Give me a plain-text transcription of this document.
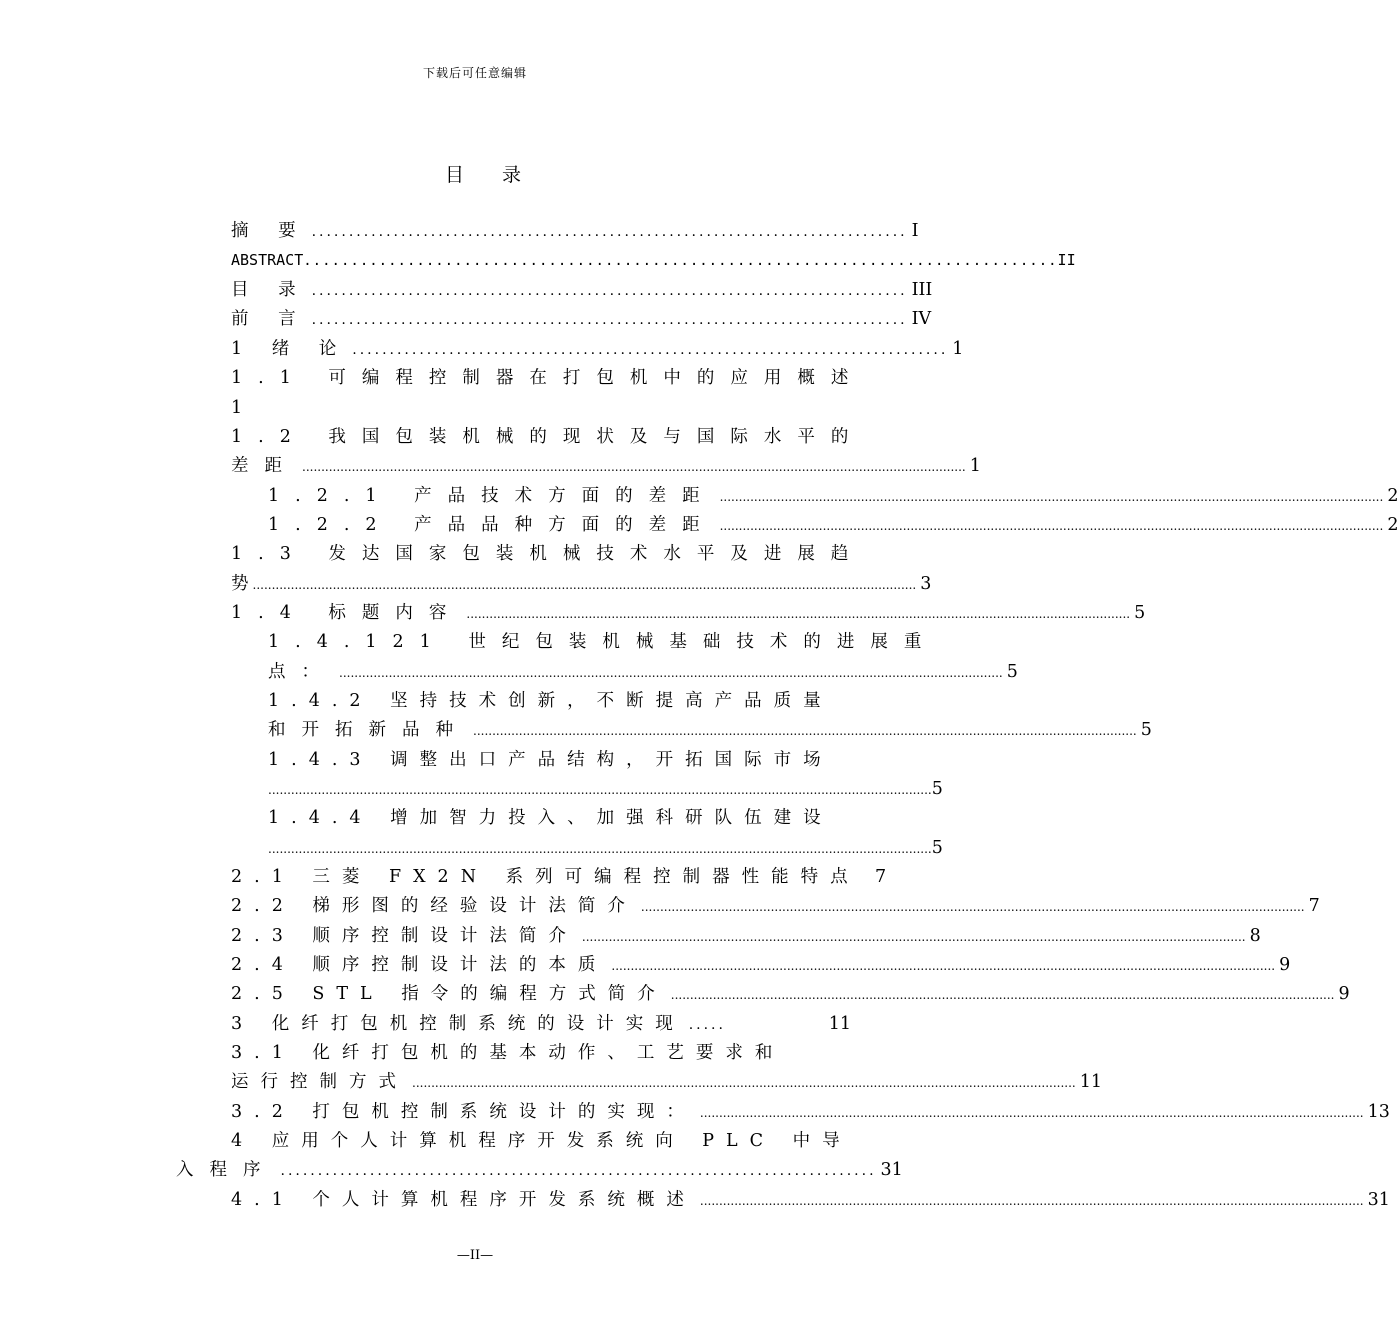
下载后可任意编辑
目 录
摘 要 ................................................................................ I
ABSTRACT ................................................................................ II
目 录 ................................................................................ III
前 言 ................................................................................ IV
1 绪 论 ................................................................................ 1
1.1 可编程控制器在打包机中的应用概述
1
1.2 我国包装机械的现状及与国际水平的
差距 .............................................................................................................................................................................. 1
1.2.1 产品技术方面的差距 .............................................................................................................................................................................. 2
1.2.2 产品品种方面的差距 .............................................................................................................................................................................. 2
1.3 发达国家包装机械技术水平及进展趋
势 .............................................................................................................................................................................. 3
1.4 标题内容 .............................................................................................................................................................................. 5
1.4.121 世纪包装机械基础技术的进展重
点： .............................................................................................................................................................................. 5
1.4.2 坚持技术创新，不断提高产品质量
和开拓新品种 .............................................................................................................................................................................. 5
1.4.3 调整出口产品结构，开拓国际市场
.............................................................................................................................................................................. 5
1.4.4 增加智力投入、加强科研队伍建设
.............................................................................................................................................................................. 5
2.1 三菱 FX2N 系列可编程控制器性能特点 7
2.2 梯形图的经验设计法简介 .............................................................................................................................................................................. 7
2.3 顺序控制设计法简介 .............................................................................................................................................................................. 8
2.4 顺序控制设计法的本质 .............................................................................................................................................................................. 9
2.5 STL 指令的编程方式简介 .............................................................................................................................................................................. 9
3 化纤打包机控制系统的设计实现 .....	11
3.1 化纤打包机的基本动作、工艺要求和
运行控制方式 .............................................................................................................................................................................. 11
3.2 打包机控制系统设计的实现： .............................................................................................................................................................................. 13
4 应用个人计算机程序开发系统向 PLC 中导
入程序 ................................................................................ 31
4.1 个人计算机程序开发系统概述 .............................................................................................................................................................................. 31
—II—
